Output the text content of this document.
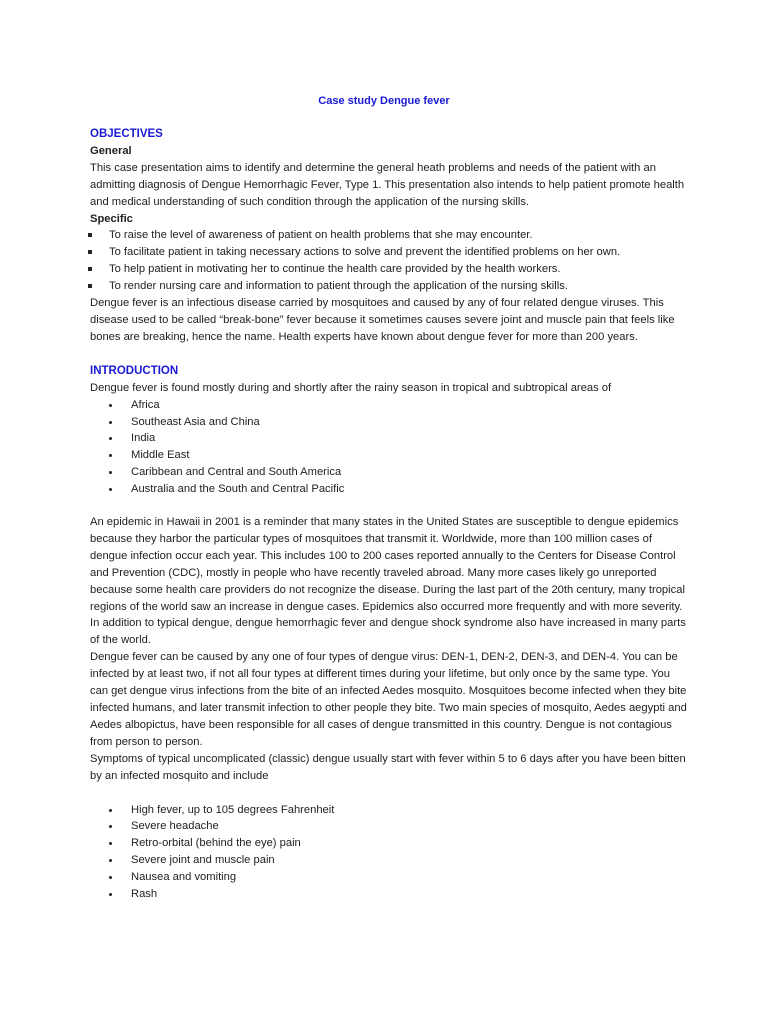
Case study Dengue fever
OBJECTIVES
General

This case presentation aims to identify and determine the general heath problems and needs of the patient with an admitting diagnosis of Dengue Hemorrhagic Fever, Type 1. This presentation also intends to help patient promote health and medical understanding of such condition through the application of the nursing skills.

Specific
To raise the level of awareness of patient on health problems that she may encounter.
To facilitate patient in taking necessary actions to solve and prevent the identified problems on her own.
To help patient in motivating her to continue the health care provided by the health workers.
To render nursing care and information to patient through the application of the nursing skills.

Dengue fever is an infectious disease carried by mosquitoes and caused by any of four related dengue viruses. This disease used to be called “break-bone” fever because it sometimes causes severe joint and muscle pain that feels like bones are breaking, hence the name. Health experts have known about dengue fever for more than 200 years.

INTRODUCTION

Dengue fever is found mostly during and shortly after the rainy season in tropical and subtropical areas of

Africa
Southeast Asia and China
India
Middle East
Caribbean and Central and South America
Australia and the South and Central Pacific

An epidemic in Hawaii in 2001 is a reminder that many states in the United States are susceptible to dengue epidemics because they harbor the particular types of mosquitoes that transmit it. Worldwide, more than 100 million cases of dengue infection occur each year. This includes 100 to 200 cases reported annually to the Centers for Disease Control and Prevention (CDC), mostly in people who have recently traveled abroad. Many more cases likely go unreported because some health care providers do not recognize the disease. During the last part of the 20th century, many tropical regions of the world saw an increase in dengue cases. Epidemics also occurred more frequently and with more severity. In addition to typical dengue, dengue hemorrhagic fever and dengue shock syndrome also have increased in many parts of the world.

Dengue fever can be caused by any one of four types of dengue virus: DEN-1, DEN-2, DEN-3, and DEN-4. You can be infected by at least two, if not all four types at different times during your lifetime, but only once by the same type. You can get dengue virus infections from the bite of an infected Aedes mosquito. Mosquitoes become infected when they bite infected humans, and later transmit infection to other people they bite. Two main species of mosquito, Aedes aegypti and Aedes albopictus, have been responsible for all cases of dengue transmitted in this country. Dengue is not contagious from person to person.

Symptoms of typical uncomplicated (classic) dengue usually start with fever within 5 to 6 days after you have been bitten by an infected mosquito and include

High fever, up to 105 degrees Fahrenheit
Severe headache
Retro-orbital (behind the eye) pain
Severe joint and muscle pain
Nausea and vomiting
Rash
